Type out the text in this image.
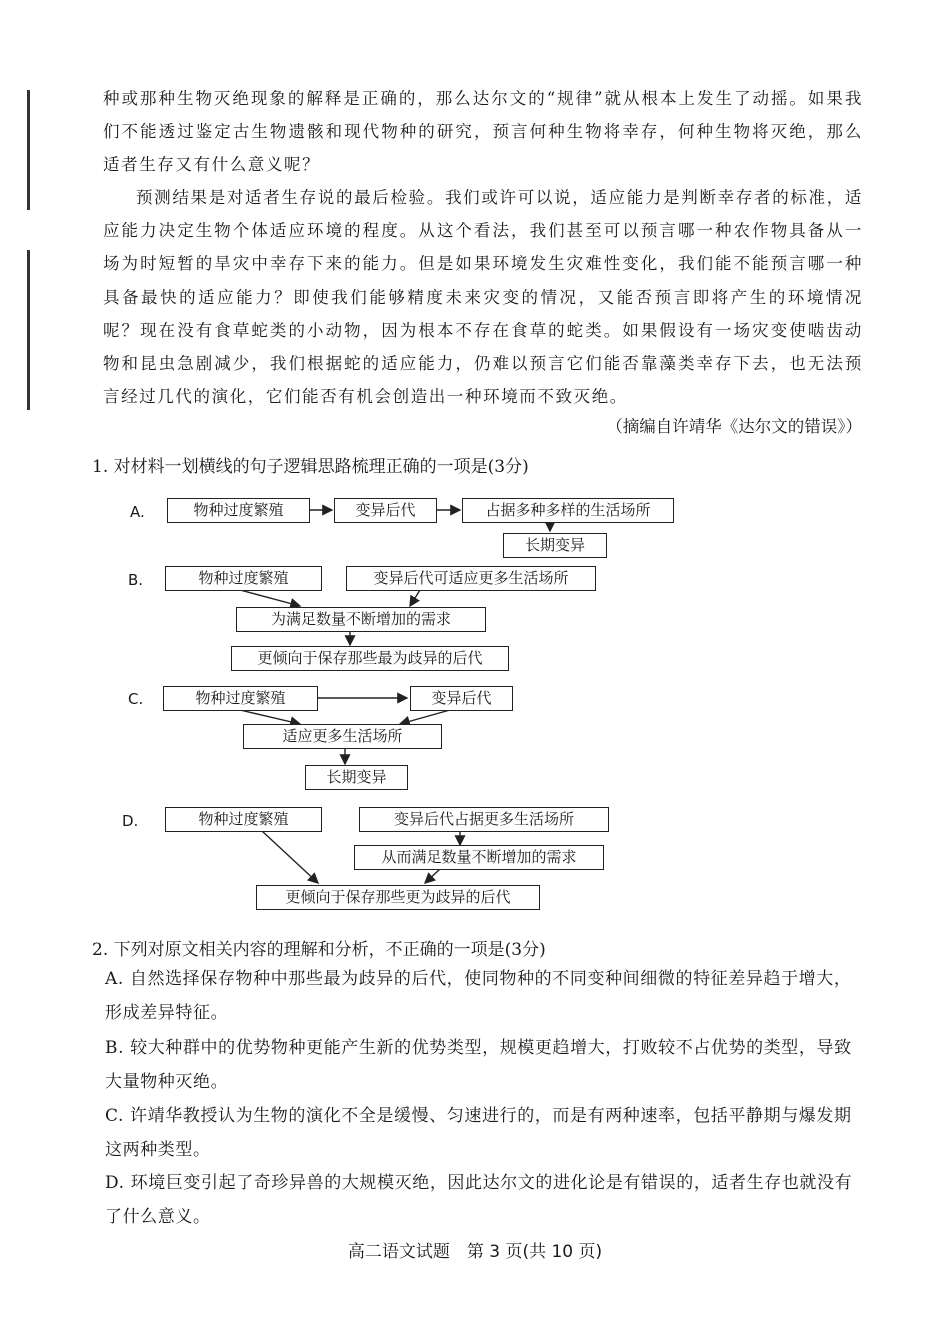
种或那种生物灭绝现象的解释是正确的，那么达尔文的“规律”就从根本上发生了动摇。如果我们不能透过鉴定古生物遗骸和现代物种的研究，预言何种生物将幸存，何种生物将灭绝，那么适者生存又有什么意义呢？
预测结果是对适者生存说的最后检验。我们或许可以说，适应能力是判断幸存者的标准，适应能力决定生物个体适应环境的程度。从这个看法，我们甚至可以预言哪一种农作物具备从一场为时短暂的旱灾中幸存下来的能力。但是如果环境发生灾难性变化，我们能不能预言哪一种具备最快的适应能力？即使我们能够精度未来灾变的情况，又能否预言即将产生的环境情况呢？现在没有食草蛇类的小动物，因为根本不存在食草的蛇类。如果假设有一场灾变使啮齿动物和昆虫急剧减少，我们根据蛇的适应能力，仍难以预言它们能否靠藻类幸存下去，也无法预言经过几代的演化，它们能否有机会创造出一种环境而不致灭绝。
（摘编自许靖华《达尔文的错误》）
1. 对材料一划横线的句子逻辑思路梳理正确的一项是(3分)
A.	物种过度繁殖	变异后代	占据多种多样的生活场所
长期变异
B.	物种过度繁殖	变异后代可适应更多生活场所
为满足数量不断增加的需求
更倾向于保存那些最为歧异的后代
C.	物种过度繁殖	变异后代
适应更多生活场所
长期变异
D.	物种过度繁殖	变异后代占据更多生活场所
从而满足数量不断增加的需求
更倾向于保存那些更为歧异的后代
2. 下列对原文相关内容的理解和分析，不正确的一项是(3分)
A. 自然选择保存物种中那些最为歧异的后代，使同物种的不同变种间细微的特征差异趋于增大，形成差异特征。
B. 较大种群中的优势物种更能产生新的优势类型，规模更趋增大，打败较不占优势的类型，导致大量物种灭绝。
C. 许靖华教授认为生物的演化不全是缓慢、匀速进行的，而是有两种速率，包括平静期与爆发期这两种类型。
D. 环境巨变引起了奇珍异兽的大规模灭绝，因此达尔文的进化论是有错误的，适者生存也就没有了什么意义。
高二语文试题　第 3 页(共 10 页)
